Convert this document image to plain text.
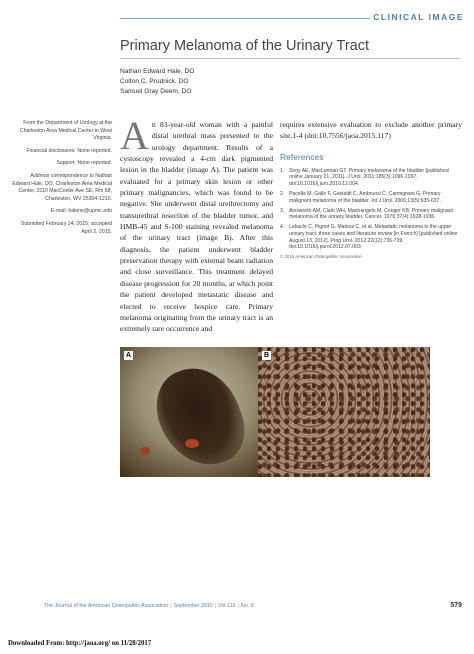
CLINICAL IMAGE
Primary Melanoma of the Urinary Tract
Nathan Edward Hale, DO
Colton C. Prudnick, DO
Samuel Gray Deem, DO
From the Department of Urology at the Charleston Area Medical Center in West Virginia.
Financial disclosures: None reported.
Support: None reported.
Address correspondence to Nathan Edward Hale, DO, Charleston Area Medical Center, 3110 MacCorkle Ave SE, Rm 58, Charleston, WV 25304-1210.
E-mail: halene@upmc.edu
Submitted February 24, 2015; accepted April 2, 2015.
An 83-year-old woman with a painful distal urethral mass presented to the urology department. Results of a cystoscopy revealed a 4-cm dark pigmented lesion in the bladder (image A). The patient was evaluated for a primary skin lesion or other primary malignancies, which was found to be negative. She underwent distal urethrectomy and transurethral resection of the bladder tumor, and HMB-45 and S-100 staining revealed melanoma of the urinary tract (image B). After this diagnosis, the patient underwent bladder preservation therapy with external beam radiation and close surveillance. This treatment delayed disease progression for 20 months, at which point the patient developed metastatic disease and elected to receive hospice care. Primary melanoma originating from the urinary tract is an extremely rare occurrence and
requires extensive evaluation to exclude another primary site.1-4 (doi:10.7556/jaoa.2015.117)
References
1. Siroy AE, MacLennan GT. Primary melanoma of the bladder [published online January 21, 2011]. J Urol. 2011;185(3):1096-1097. doi:10.1016/j.juro.2010.12.004.
2. Pacella M, Gallo F, Gastaldi C, Ambruosi C, Carmignani G. Primary malignant melanoma of the bladder. Int J Urol. 2006;13(5):635-637.
3. Ainsworth AM, Clark WH, Mastrangelo M, Conger KB. Primary malignant melanoma of the urinary bladder. Cancer. 1976;37(4):1928-1936.
4. Lebacle C, Pignot G, Mateus C, et al. Metastatic melanoma in the upper urinary tract: three cases and literature review [in French] [published online August 13, 2012]. Prog Urol. 2012;22(12):736-739. doi:10.1016/j.purol.2012.07.003.
© 2015 American Osteopathic Association
A	B
The Journal of the American Osteopathic Association | September 2015 | Vol 115 | No. 9	579
Downloaded From: http://jaoa.org/ on 11/28/2017
